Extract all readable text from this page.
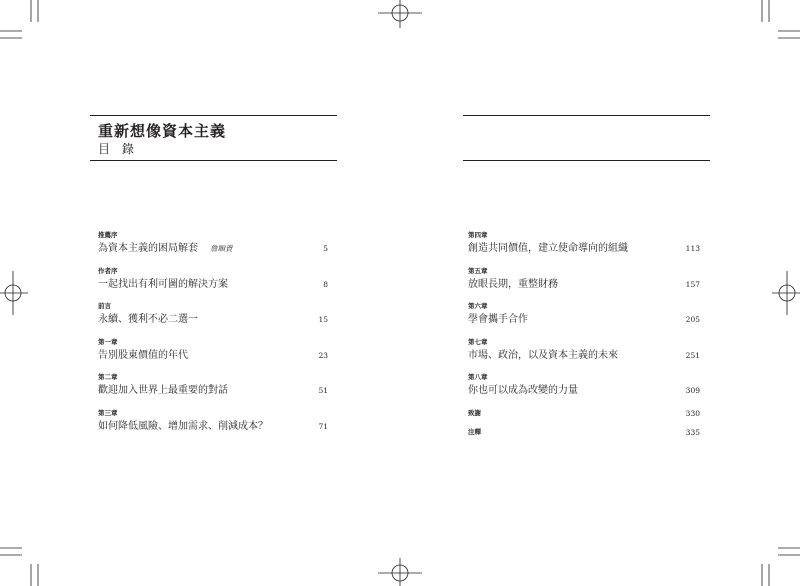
重新想像資本主義
目 錄
推薦序
為資本主義的困局解套 詹順貴	5
作者序
一起找出有利可圖的解決方案	8
前言
永續、獲利不必二選一	15
第一章
告別股東價值的年代	23
第二章
歡迎加入世界上最重要的對話	51
第三章
如何降低風險、增加需求、削減成本？	71
第四章
創造共同價值，建立使命導向的組織	113
第五章
放眼長期，重整財務	157
第六章
學會攜手合作	205
第七章
市場、政治，以及資本主義的未來	251
第八章
你也可以成為改變的力量	309
致謝	330
注釋	335
